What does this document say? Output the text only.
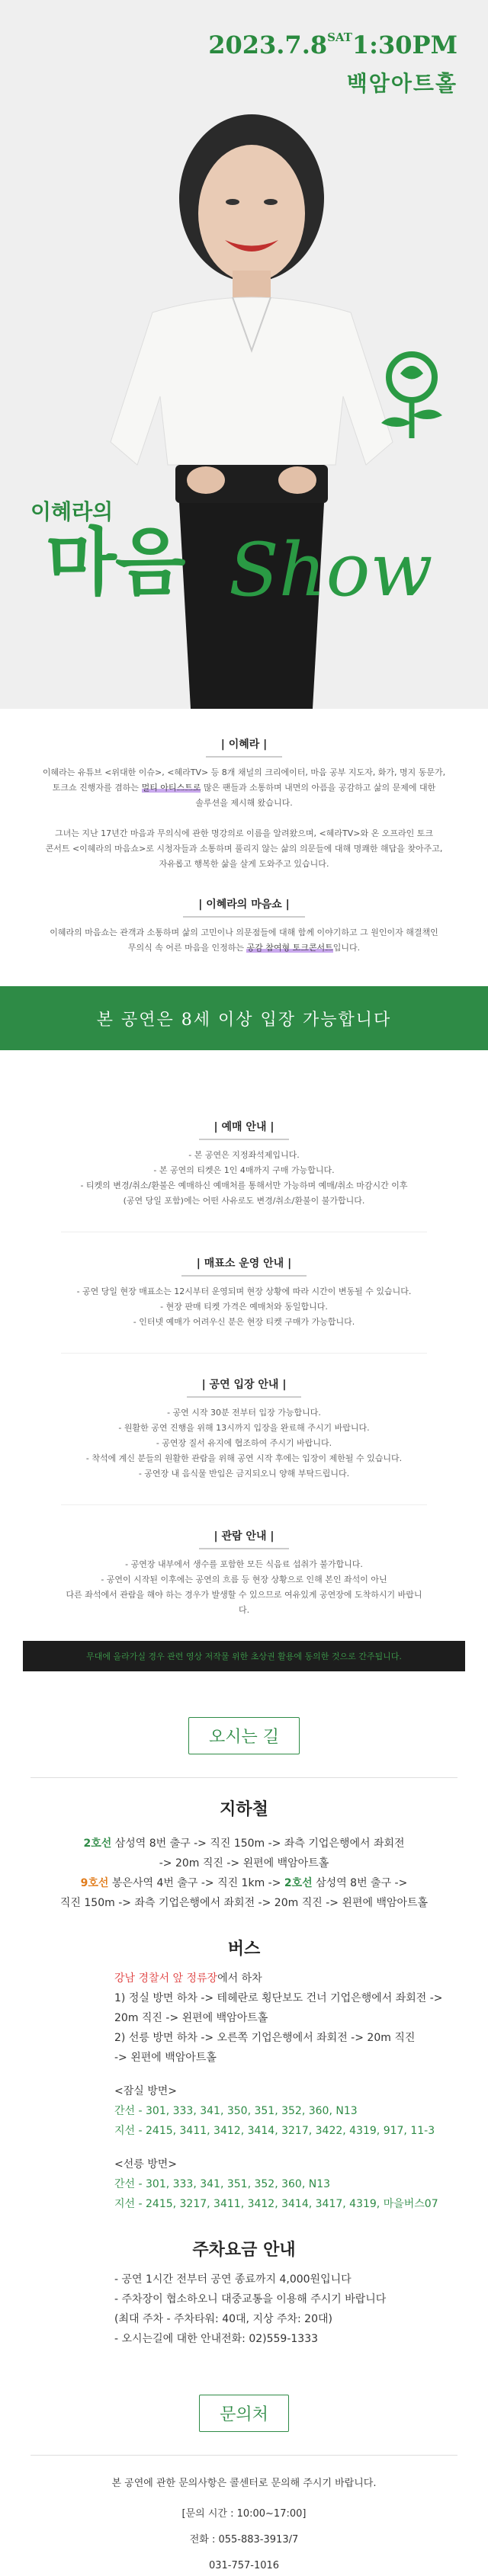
$2023.7.8^{SAT}1:30PM$
백암아트홀
이혜라의
마음 Show
| 이혜라 |
이혜라는 유튜브 <위대한 이슈>, <혜라TV> 등 8개 채널의 크리에이터, 마음 공부 지도자, 화가, 명지 동문가,
토크쇼 진행자를 겸하는 멀티 아티스트로 많은 팬들과 소통하며 내면의 아픔을 공감하고 삶의 문제에 대한
솔루션을 제시해 왔습니다.
그녀는 지난 17년간 마음과 무의식에 관한 명강의로 이름을 알려왔으며, <혜라TV>와 온 오프라인 토크
콘서트 <이혜라의 마음쇼>로 시청자들과 소통하며 풀리지 않는 삶의 의문들에 대해 명쾌한 해답을 찾아주고,
자유롭고 행복한 삶을 살게 도와주고 있습니다.
| 이혜라의 마음쇼 |
이혜라의 마음쇼는 관객과 소통하며 삶의 고민이나 의문점들에 대해 함께 이야기하고 그 원인이자 해결책인
무의식 속 어른 마음을 인정하는 공감 참여형 토크콘서트입니다.
본 공연은 8세 이상 입장 가능합니다
| 예매 안내 |
- 본 공연은 지정좌석제입니다.
- 본 공연의 티켓은 1인 4매까지 구매 가능합니다.
- 티켓의 변경/취소/환불은 예매하신 예매처를 통해서만 가능하며 예매/취소 마감시간 이후
(공연 당일 포함)에는 어떤 사유로도 변경/취소/환불이 불가합니다.
| 매표소 운영 안내 |
- 공연 당일 현장 매표소는 12시부터 운영되며 현장 상황에 따라 시간이 변동될 수 있습니다.
- 현장 판매 티켓 가격은 예매처와 동일합니다.
- 인터넷 예매가 어려우신 분은 현장 티켓 구매가 가능합니다.
| 공연 입장 안내 |
- 공연 시작 30분 전부터 입장 가능합니다.
- 원활한 공연 진행을 위해 13시까지 입장을 완료해 주시기 바랍니다.
- 공연장 질서 유지에 협조하여 주시기 바랍니다.
- 착석에 계신 분들의 원활한 관람을 위해 공연 시작 후에는 입장이 제한될 수 있습니다.
- 공연장 내 음식물 반입은 금지되오니 양해 부탁드립니다.
| 관람 안내 |
- 공연장 내부에서 생수를 포함한 모든 식음료 섭취가 불가합니다.
- 공연이 시작된 이후에는 공연의 흐름 등 현장 상황으로 인해 본인 좌석이 아닌
다른 좌석에서 관람을 해야 하는 경우가 발생할 수 있으므로 여유있게 공연장에 도착하시기 바랍니다.
무대에 올라가실 경우 관련 영상 저작물 위한 초상권 활용에 동의한 것으로 간주됩니다.
오시는 길
지하철
2호선 삼성역 8번 출구 -> 직진 150m -> 좌측 기업은행에서 좌회전
-> 20m 직진 -> 왼편에 백암아트홀
9호선 봉은사역 4번 출구 -> 직진 1km -> 2호선 삼성역 8번 출구 ->
직진 150m -> 좌측 기업은행에서 좌회전 -> 20m 직진 -> 왼편에 백암아트홀
버스
강남 경찰서 앞 정류장에서 하차
1) 정실 방면 하차 -> 테헤란로 횡단보도 건너 기업은행에서 좌회전 ->
20m 직진 -> 왼편에 백암아트홀
2) 선릉 방면 하차 -> 오른쪽 기업은행에서 좌회전 -> 20m 직진
-> 왼편에 백암아트홀
<잠실 방면>
간선 - 301, 333, 341, 350, 351, 352, 360, N13
지선 - 2415, 3411, 3412, 3414, 3217, 3422, 4319, 917, 11-3
<선릉 방면>
간선 - 301, 333, 341, 351, 352, 360, N13
지선 - 2415, 3217, 3411, 3412, 3414, 3417, 4319, 마을버스07
주차요금 안내
- 공연 1시간 전부터 공연 종료까지 4,000원입니다
- 주차장이 협소하오니 대중교통을 이용해 주시기 바랍니다
(최대 주차 - 주차타워: 40대, 지상 주차: 20대)
- 오시는길에 대한 안내전화: 02)559-1333
문의처
본 공연에 관한 문의사항은 콜센터로 문의해 주시기 바랍니다.
[문의 시간 : 10:00~17:00]
전화 : 055-883-3913/7
031-757-1016
